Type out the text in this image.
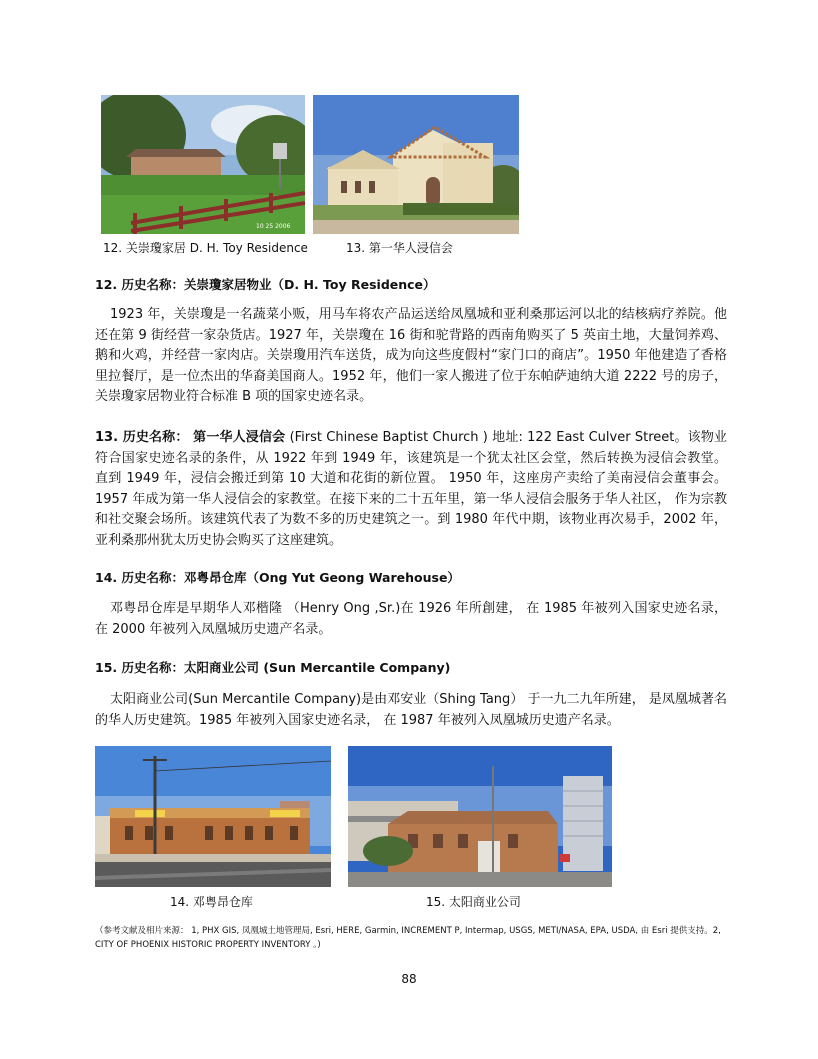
10 25 2006
12. 关崇瓊家居 D. H. Toy Residence	13. 第一华人浸信会
12. 历史名称：关崇瓊家居物业（D. H. Toy Residence）
1923 年，关崇瓊是一名蔬菜小贩，用马车将农产品运送给凤凰城和亚利桑那运河以北的结核病疗养院。他还在第 9 街经营一家杂货店。1927 年，关崇瓊在 16 街和驼背路的西南角购买了 5 英亩土地，大量饲养鸡、鹅和火鸡，并经营一家肉店。关崇瓊用汽车送货，成为向这些度假村“家门口的商店”。1950 年他建造了香格里拉餐厅，是一位杰出的华裔美国商人。1952 年，他们一家人搬进了位于东帕萨迪纳大道 2222 号的房子，关崇瓊家居物业符合标准 B 项的国家史迹名录。
13. 历史名称： 第一华人浸信会 (First Chinese Baptist Church ) 地址: 122 East Culver Street。该物业符合国家史迹名录的条件，从 1922 年到 1949 年，该建筑是一个犹太社区会堂，然后转换为浸信会教堂。 直到 1949 年，浸信会搬迁到第 10 大道和花街的新位置。 1950 年，这座房产卖给了美南浸信会董事会。 1957 年成为第一华人浸信会的家教堂。在接下来的二十五年里，第一华人浸信会服务于华人社区， 作为宗教和社交聚会场所。该建筑代表了为数不多的历史建筑之一。到 1980 年代中期，该物业再次易手，2002 年，亚利桑那州犹太历史协会购买了这座建筑。
14. 历史名称：邓粤昂仓库（Ong Yut Geong Warehouse）
邓粤昂仓库是早期华人邓楷隆 （Henry Ong ,Sr.)在 1926 年所創建， 在 1985 年被列入国家史迹名录， 在 2000 年被列入凤凰城历史遗产名录。
15. 历史名称：太阳商业公司 (Sun Mercantile Company)
太阳商业公司(Sun Mercantile Company)是由邓安业（Shing Tang） 于一九二九年所建， 是凤凰城著名的华人历史建筑。1985 年被列入国家史迹名录， 在 1987 年被列入凤凰城历史遗产名录。
14. 邓粤昂仓库	15. 太阳商业公司
（参考文献及相片来源： 1, PHX GIS, 凤凰城土地管理局, Esri, HERE, Garmin, INCREMENT P, Intermap, USGS, METI/NASA, EPA, USDA, 由 Esri 提供支持。2, CITY OF PHOENIX HISTORIC PROPERTY INVENTORY 。)
88
